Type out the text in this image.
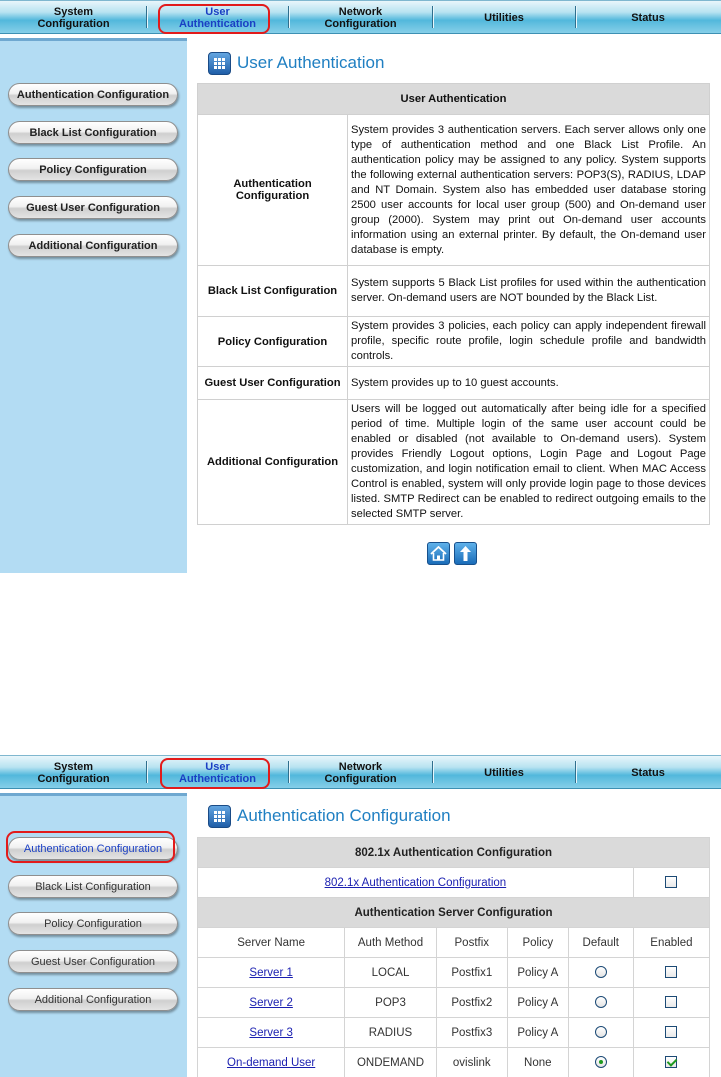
System
Configuration
User
Authentication
Network
Configuration	Utilities	Status
Authentication Configuration
Black List Configuration
Policy Configuration
Guest User Configuration
Additional Configuration
User Authentication
User Authentication	
Authentication Configuration	System provides 3 authentication servers. Each server allows only one type of authentication method and one Black List Profile. An authentication policy may be assigned to any policy. System supports the following external authentication servers: POP3(S), RADIUS, LDAP and NT Domain. System also has embedded user database storing 2500 user accounts for local user group (500) and On-demand user group (2000). System may print out On-demand user accounts information using an external printer. By default, the On-demand user database is empty.
Black List Configuration	System supports 5 Black List profiles for used within the authentication server. On-demand users are NOT bounded by the Black List.
Policy Configuration	System provides 3 policies, each policy can apply independent firewall profile, specific route profile, login schedule profile and bandwidth controls.
Guest User Configuration	System provides up to 10 guest accounts.
Additional Configuration	Users will be logged out automatically after being idle for a specified period of time. Multiple login of the same user account could be enabled or disabled (not available to On-demand users). System provides Friendly Logout options, Login Page and Logout Page customization, and login notification email to client. When MAC Access Control is enabled, system will only provide login page to those devices listed. SMTP Redirect can be enabled to redirect outgoing emails to the selected SMTP server.
System
Configuration
User
Authentication
Network
Configuration	Utilities	Status
Authentication Configuration
Black List Configuration
Policy Configuration
Guest User Configuration
Additional Configuration
Authentication Configuration
802.1x Authentication Configuration					
802.1x Authentication Configuration					
Authentication Server Configuration					
Server Name	Auth Method	Postfix	Policy	Default	Enabled
Server 1	LOCAL	Postfix1	Policy A		
Server 2	POP3	Postfix2	Policy A		
Server 3	RADIUS	Postfix3	Policy A		
On-demand User	ONDEMAND	ovislink	None		
